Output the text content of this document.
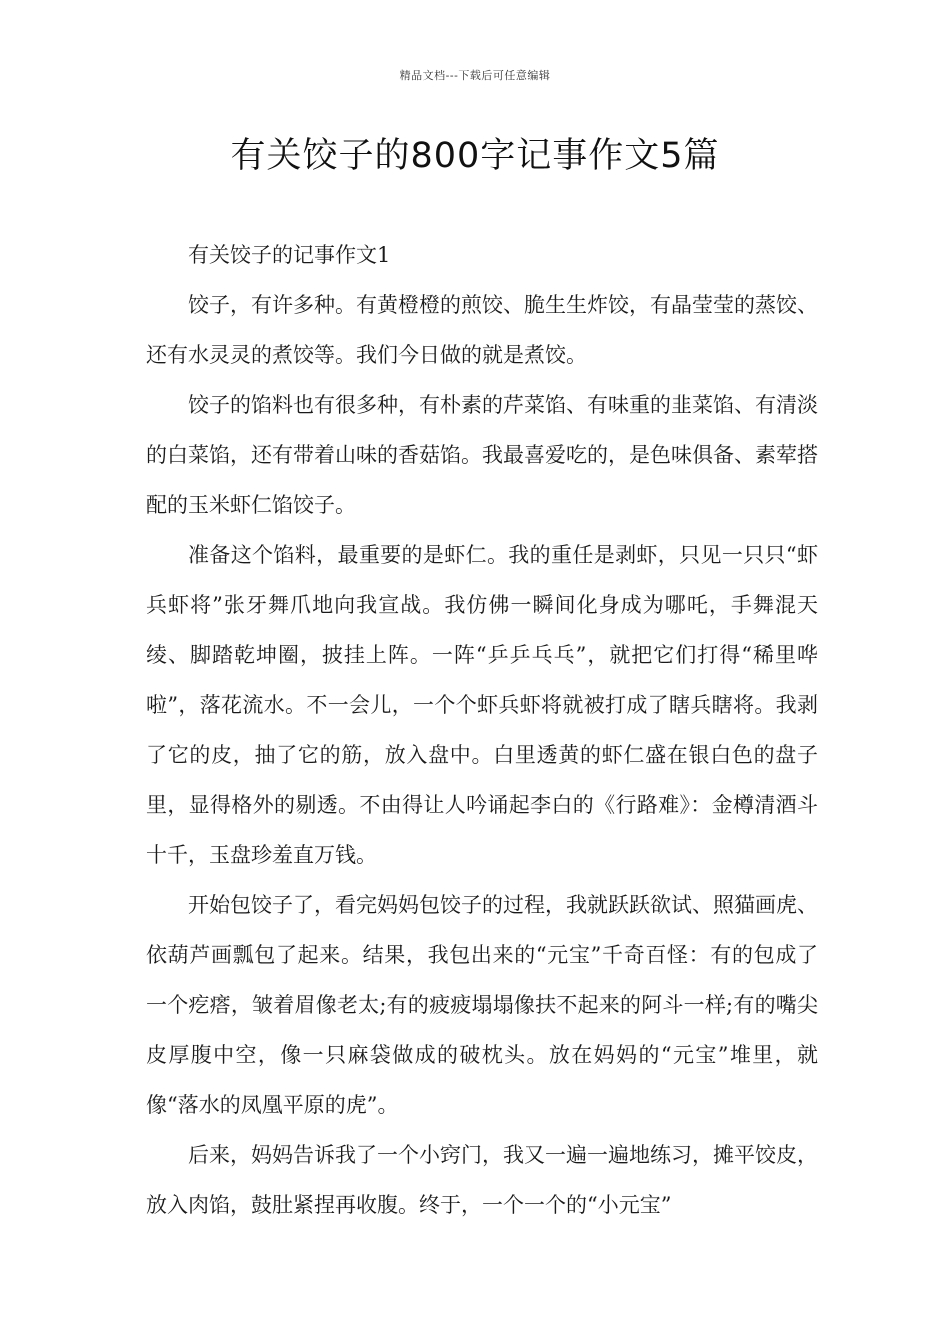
精品文档---下载后可任意编辑
有关饺子的800字记事作文5篇

有关饺子的记事作文1

饺子，有许多种。有黄橙橙的煎饺、脆生生炸饺，有晶莹莹的蒸饺、还有水灵灵的煮饺等。我们今日做的就是煮饺。

饺子的馅料也有很多种，有朴素的芹菜馅、有味重的韭菜馅、有清淡的白菜馅，还有带着山味的香菇馅。我最喜爱吃的，是色味俱备、素荤搭配的玉米虾仁馅饺子。

准备这个馅料，最重要的是虾仁。我的重任是剥虾，只见一只只“虾兵虾将”张牙舞爪地向我宣战。我仿佛一瞬间化身成为哪吒，手舞混天绫、脚踏乾坤圈，披挂上阵。一阵“乒乒乓乓”，就把它们打得“稀里哗啦”，落花流水。不一会儿，一个个虾兵虾将就被打成了瞎兵瞎将。我剥了它的皮，抽了它的筋，放入盘中。白里透黄的虾仁盛在银白色的盘子里，显得格外的剔透。不由得让人吟诵起李白的《行路难》：金樽清酒斗十千，玉盘珍羞直万钱。

开始包饺子了，看完妈妈包饺子的过程，我就跃跃欲试、照猫画虎、依葫芦画瓢包了起来。结果，我包出来的“元宝”千奇百怪：有的包成了一个疙瘩，皱着眉像老太;有的疲疲塌塌像扶不起来的阿斗一样;有的嘴尖皮厚腹中空，像一只麻袋做成的破枕头。放在妈妈的“元宝”堆里，就像“落水的凤凰平原的虎”。

后来，妈妈告诉我了一个小窍门，我又一遍一遍地练习，摊平饺皮，放入肉馅，鼓肚紧捏再收腹。终于，一个一个的“小元宝”
